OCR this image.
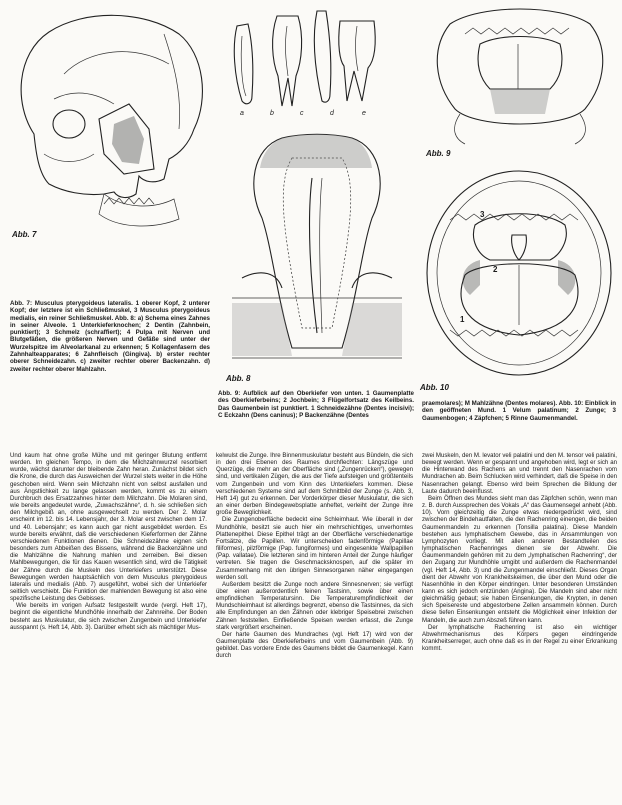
Abb. 7
a	b	c	d	e
Abb. 8
Abb. 9
3
2
1
Abb. 10
Abb. 7: Musculus pterygoideus lateralis. 1 oberer Kopf, 2 unterer Kopf; der letztere ist ein Schließmuskel, 3 Musculus pterygoideus medialis, ein reiner Schließmuskel. Abb. 8: a) Schema eines Zahnes in seiner Alveole. 1 Unterkieferknochen; 2 Dentin (Zahnbein, punktiert); 3 Schmelz (schraffiert); 4 Pulpa mit Nerven und Blutgefäßen, die größeren Nerven und Gefäße sind unter der Wurzelspitze im Alveolarkanal zu erkennen; 5 Kollagenfasern des Zahnhalteapparates; 6 Zahnfleisch (Gingiva). b) erster rechter oberer Schneidezahn. c) zweiter rechter oberer Backenzahn. d) zweiter rechter oberer Mahlzahn.
Abb. 9: Aufblick auf den Oberkiefer von unten. 1 Gaumenplatte des Oberkieferbeins; 2 Jochbein; 3 Flügelfortsatz des Keilbeins. Das Gaumenbein ist punktiert. 1 Schneidezähne (Dentes incisivi); C Eckzahn (Dens caninus); P Backenzähne (Dentes
praemolares); M Mahlzähne (Dentes molares). Abb. 10: Einblick in den geöffneten Mund. 1 Velum palatinum; 2 Zunge; 3 Gaumenbogen; 4 Zäpfchen; 5 Rinne Gaumenmandel.

Und kaum hat ohne große Mühe und mit geringer Blutung entfernt werden. Im gleichen Tempo, in dem die Milchzahnwurzel resorbiert wurde, wächst darunter der bleibende Zahn heran. Zunächst bildet sich die Krone, die durch das Ausweichen der Wurzel stets weiter in die Höhe geschoben wird. Wenn sein Milchzahn nicht von selbst ausfallen und aus Ängstlichkeit zu lange gelassen werden, kommt es zu einem Durchbruch des Ersatzzahnes hinter dem Milchzahn. Die Molaren sind, wie bereits angedeutet wurde, „Zuwachszähne“, d. h. sie schließen sich den Milchgebiß an, ohne ausgewechselt zu werden. Der 2. Molar erscheint im 12. bis 14. Lebensjahr, der 3. Molar erst zwischen dem 17. und 40. Lebensjahr; es kann auch gar nicht ausgebildet werden. Es wurde bereits erwähnt, daß die verschiedenen Kieferformen der Zähne verschiedenen Funktionen dienen. Die Schneidezähne eignen sich besonders zum Abbeißen des Bissens, während die Backenzähne und die Mahlzähne die Nahrung mahlen und zerreiben. Bei diesen Mahlbewegungen, die für das Kauen wesentlich sind, wird die Tätigkeit der Zähne durch die Muskeln des Unterkiefers unterstützt. Diese Bewegungen werden hauptsächlich von dem Musculus pterygoideus lateralis und medialis (Abb. 7) ausgeführt, wobei sich der Unterkiefer seitlich verschiebt. Die Funktion der mahlenden Bewegung ist also eine spezifische Leistung des Gebisses.

Wie bereits im vorigen Aufsatz festgestellt wurde (vergl. Heft 17), beginnt die eigentliche Mundhöhle innerhalb der Zahnreihe. Der Boden besteht aus Muskulatur, die sich zwischen Zungenbein und Unterkiefer ausspannt (s. Heft 14, Abb. 3). Darüber erhebt sich als mächtiger Mus-

kelwulst die Zunge. Ihre Binnenmuskulatur besteht aus Bündeln, die sich in den drei Ebenen des Raumes durchflechten: Längszüge und Querzüge, die mehr an der Oberfläche sind („Zungenrücken“), gewegen sind, und vertikalen Zügen, die aus der Tiefe aufsteigen und größtenteils vom Zungenbein und vom Kinn des Unterkiefers kommen. Diese verschiedenen Systeme sind auf dem Schnittbild der Zunge (s. Abb. 3, Heft 14) gut zu erkennen. Der Vorderkörper dieser Muskulatur, die sich an einer derben Bindegewebsplatte anheftet, verleiht der Zunge ihre große Beweglichkeit.

Die Zungenoberfläche bedeckt eine Schleimhaut. Wie überall in der Mundhöhle, besitzt sie auch hier ein mehrschichtiges, unverhorntes Plattenepithel. Diese Epithel trägt an der Oberfläche verschiedenartige Fortsätze, die Papillen. Wir unterscheiden fadenförmige (Papillae filiformes), pilzförmige (Pap. fungiformes) und eingesenkte Wallpapillen (Pap. vallatae). Die letzteren sind im hinteren Anteil der Zunge häufiger vertreten. Sie tragen die Geschmacksknospen, auf die später im Zusammenhang mit den übrigen Sinnesorganen näher eingegangen werden soll.

Außerdem besitzt die Zunge noch andere Sinnesnerven; sie verfügt über einen außerordentlich feinen Tastsinn, sowie über einen empfindlichen Temperatursinn. Die Temperaturempfindlichkeit der Mundschleimhaut ist allerdings begrenzt, ebenso die Tastsinnes, da sich alle Empfindungen an den Zähnen oder klebriger Speisebrei zwischen Zähnen feststellen. Einfließende Speisen werden erfasst, die Zunge stark vergrößert erscheinen.

Der harte Gaumen des Mundraches (vgl. Heft 17) wird von der Gaumenplatte des Oberkieferbeins und vom Gaumenbein (Abb. 9) gebildet. Das vordere Ende des Gaumens bildet die Gaumenkegel. Kann durch

zwei Muskeln, den M. levator veli palatini und den M. tensor veli palatini, bewegt werden. Wenn er gespannt und angehoben wird, legt er sich an die Hinterwand des Rachens an und trennt den Nasenrachen vom Mundrachen ab. Beim Schlucken wird verhindert, daß die Speise in den Nasenrachen gelangt. Ebenso wird beim Sprechen die Bildung der Laute dadurch beeinflusst.

Beim Öffnen des Mundes sieht man das Zäpfchen schön, wenn man z. B. durch Aussprechen des Vokals „A“ das Gaumensegel anhebt (Abb. 10). Vorn gleichzeitig die Zunge etwas niedergedrückt wird, sind zwischen der Bindehautfalten, die den Rachenring einengen, die beiden Gaumenmandeln zu erkennen (Tonsilla palatina). Diese Mandeln bestehen aus lymphatischem Gewebe, das in Ansammlungen von Lymphozyten vorliegt. Mit allen anderen Bestandteilen des lymphatischen Rachenringes dienen sie der Abwehr. Die Gaumenmandeln gehören mit zu dem „lymphatischen Rachenring“, der den Zugang zur Mundhöhle umgibt und außerdem die Rachenmandel (vgl. Heft 14, Abb. 3) und die Zungenmandel einschließt. Dieses Organ dient der Abwehr von Krankheitskeimen, die über den Mund oder die Nasenhöhle in den Körper eindringen. Unter besonderen Umständen kann es sich jedoch entzünden (Angina). Die Mandeln sind aber nicht gleichmäßig gebaut; sie haben Einsenkungen, die Krypten, in denen sich Speisereste und abgestorbene Zellen ansammeln können. Durch diese tiefen Einsenkungen entsteht die Möglichkeit einer Infektion der Mandeln, die auch zum Abszeß führen kann.

Der lymphatische Rachenring ist also ein wichtiger Abwehrmechanismus des Körpers gegen eindringende Krankheitserreger, auch ohne daß es in der Regel zu einer Erkrankung kommt.
